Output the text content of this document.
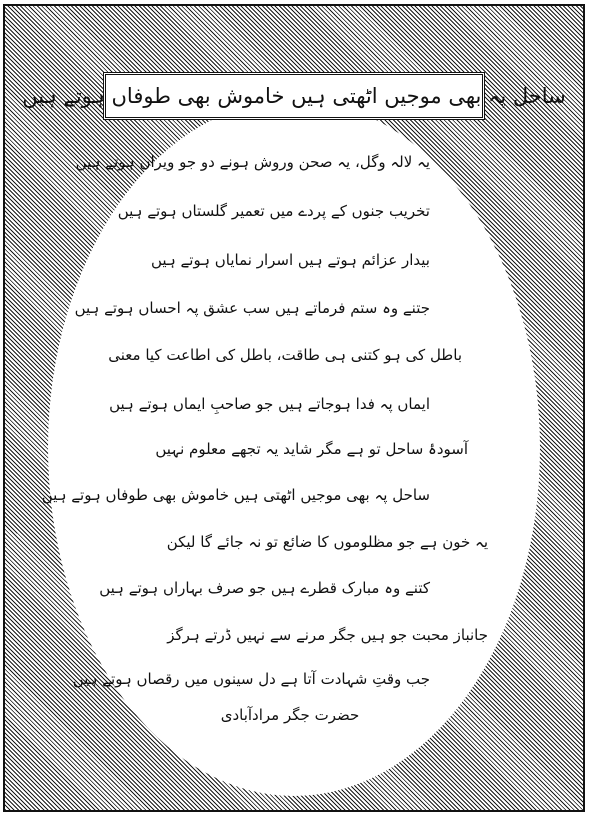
ساحل پہ بھی موجیں اٹھتی ہیں خاموش بھی طوفاں ہوتے ہیں
یہ لالہ وگل، یہ صحن وروش ہونے دو جو ویراں ہوتے ہیں
تخریب جنوں کے پردے میں تعمیر گلستاں ہوتے ہیں
بیدار عزائم ہوتے ہیں اسرار نمایاں ہوتے ہیں
جتنے وہ ستم فرماتے ہیں سب عشق پہ احساں ہوتے ہیں
باطل کی ہو کتنی ہی طاقت، باطل کی اطاعت کیا معنی
ایماں پہ فدا ہوجاتے ہیں جو صاحبِ ایماں ہوتے ہیں
آسودۂ ساحل تو ہے مگر شاید یہ تجھے معلوم نہیں
ساحل پہ بھی موجیں اٹھتی ہیں خاموش بھی طوفاں ہوتے ہیں
یہ خون ہے جو مظلوموں کا ضائع تو نہ جائے گا لیکن
کتنے وہ مبارک قطرے ہیں جو صرف بہاراں ہوتے ہیں
جانباز محبت جو ہیں جگر مرنے سے نہیں ڈرتے ہرگز
جب وقتِ شہادت آتا ہے دل سینوں میں رقصاں ہوتے ہیں
حضرت جگر مرادآبادی
